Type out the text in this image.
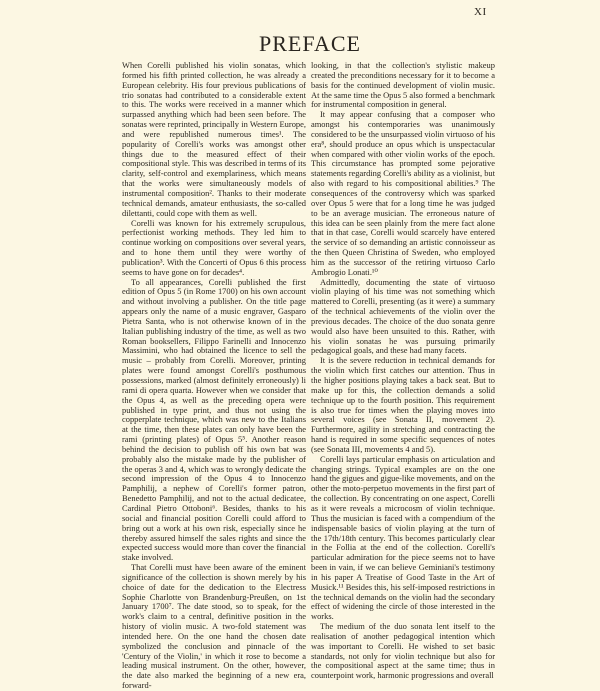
XI
PREFACE

When Corelli published his violin sonatas, which formed his fifth printed collection, he was already a European celebrity. His four previous publications of trio sonatas had contributed to a considerable extent to this. The works were received in a manner which surpassed anything which had been seen before. The sonatas were reprinted, principally in Western Europe, and were republished numerous times¹. The popularity of Corelli's works was amongst other things due to the measured effect of their compositional style. This was described in terms of its clarity, self-control and exemplariness, which means that the works were simultaneously models of instrumental composition². Thanks to their moderate technical demands, amateur enthusiasts, the so-called dilettanti, could cope with them as well.

Corelli was known for his extremely scrupulous, perfectionist working methods. They led him to continue working on compositions over several years, and to hone them until they were worthy of publication³. With the Concerti of Opus 6 this process seems to have gone on for decades⁴.

To all appearances, Corelli published the first edition of Opus 5 (in Rome 1700) on his own account and without involving a publisher. On the title page appears only the name of a music engraver, Gasparo Pietra Santa, who is not otherwise known of in the Italian publishing industry of the time, as well as two Roman booksellers, Filippo Farinelli and Innocenzo Massimini, who had obtained the licence to sell the music – probably from Corelli. Moreover, printing plates were found amongst Corelli's posthumous possessions, marked (almost definitely erroneously) li rami di opera quarta. However when we consider that the Opus 4, as well as the preceding opera were published in type print, and thus not using the copperplate technique, which was new to the Italians at the time, then these plates can only have been the rami (printing plates) of Opus 5⁵. Another reason behind the decision to publish off his own bat was probably also the mistake made by the publisher of the operas 3 and 4, which was to wrongly dedicate the second impression of the Opus 4 to Innocenzo Pamphilij, a nephew of Corelli's former patron, Benedetto Pamphilij, and not to the actual dedicatee, Cardinal Pietro Ottoboni⁶. Besides, thanks to his social and financial position Corelli could afford to bring out a work at his own risk, especially since he thereby assured himself the sales rights and since the expected success would more than cover the financial stake involved.

That Corelli must have been aware of the eminent significance of the collection is shown merely by his choice of date for the dedication to the Electress Sophie Charlotte von Brandenburg-Preußen, on 1st January 1700⁷. The date stood, so to speak, for the work's claim to a central, definitive position in the history of violin music. A two-fold statement was intended here. On the one hand the chosen date symbolized the conclusion and pinnacle of the 'Century of the Violin,' in which it rose to become a leading musical instrument. On the other, however, the date also marked the beginning of a new era, forward-

looking, in that the collection's stylistic makeup created the preconditions necessary for it to become a basis for the continued development of violin music. At the same time the Opus 5 also formed a benchmark for instrumental composition in general.

It may appear confusing that a composer who amongst his contemporaries was unanimously considered to be the unsurpassed violin virtuoso of his era⁸, should produce an opus which is unspectacular when compared with other violin works of the epoch. This circumstance has prompted some pejorative statements regarding Corelli's ability as a violinist, but also with regard to his compositional abilities.⁹ The consequences of the controversy which was sparked over Opus 5 were that for a long time he was judged to be an average musician. The erroneous nature of this idea can be seen plainly from the mere fact alone that in that case, Corelli would scarcely have entered the service of so demanding an artistic connoisseur as the then Queen Christina of Sweden, who employed him as the successor of the retiring virtuoso Carlo Ambrogio Lonati.¹⁰

Admittedly, documenting the state of virtuoso violin playing of his time was not something which mattered to Corelli, presenting (as it were) a summary of the technical achievements of the violin over the previous decades. The choice of the duo sonata genre would also have been unsuited to this. Rather, with his violin sonatas he was pursuing primarily pedagogical goals, and these had many facets.

It is the severe reduction in technical demands for the violin which first catches our attention. Thus in the higher positions playing takes a back seat. But to make up for this, the collection demands a solid technique up to the fourth position. This requirement is also true for times when the playing moves into several voices (see Sonata II, movement 2). Furthermore, agility in stretching and contracting the hand is required in some specific sequences of notes (see Sonata III, movements 4 and 5).

Corelli lays particular emphasis on articulation and changing strings. Typical examples are on the one hand the gigues and gigue-like movements, and on the other the moto-perpetuo movements in the first part of the collection. By concentrating on one aspect, Corelli as it were reveals a microcosm of violin technique. Thus the musician is faced with a compendium of the indispensable basics of violin playing at the turn of the 17th/18th century. This becomes particularly clear in the Follia at the end of the collection. Corelli's particular admiration for the piece seems not to have been in vain, if we can believe Geminiani's testimony in his paper A Treatise of Good Taste in the Art of Musick.¹¹ Besides this, his self-imposed restrictions in the technical demands on the violin had the secondary effect of widening the circle of those interested in the works.

The medium of the duo sonata lent itself to the realisation of another pedagogical intention which was important to Corelli. He wished to set basic standards, not only for violin technique but also for the compositional aspect at the same time; thus in counterpoint work, harmonic progressions and overall
